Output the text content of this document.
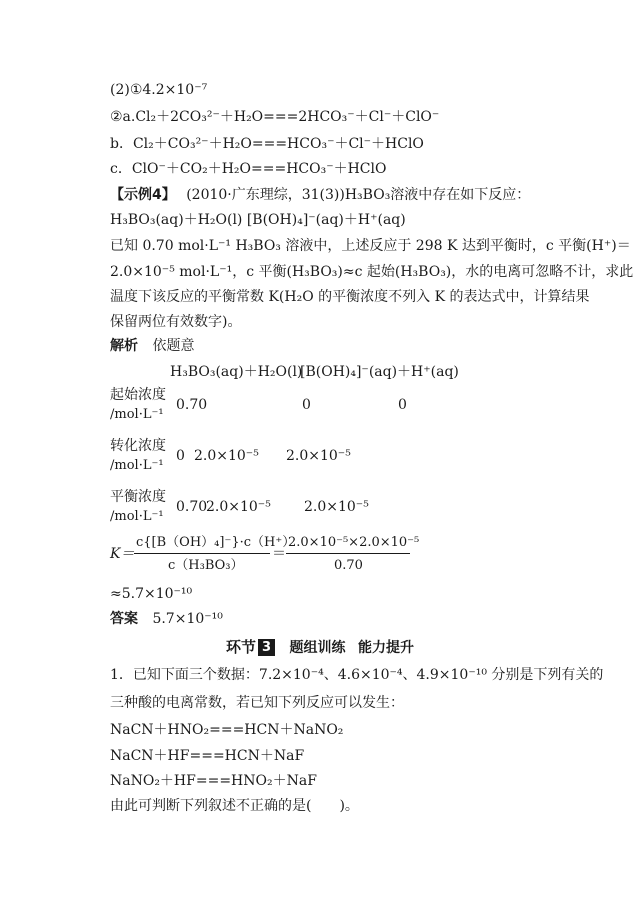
(2)①4.2×10⁻⁷
②a.Cl₂＋2CO₃²⁻＋H₂O===2HCO₃⁻＋Cl⁻＋ClO⁻
b．Cl₂＋CO₃²⁻＋H₂O===HCO₃⁻＋Cl⁻＋HClO
c．ClO⁻＋CO₂＋H₂O===HCO₃⁻＋HClO
【示例4】 (2010·广东理综，31(3))H₃BO₃溶液中存在如下反应：
H₃BO₃(aq)＋H₂O(l) [B(OH)₄]⁻(aq)＋H⁺(aq)
已知 0.70 mol·L⁻¹ H₃BO₃ 溶液中，上述反应于 298 K 达到平衡时，c 平衡(H⁺)＝
2.0×10⁻⁵ mol·L⁻¹，c 平衡(H₃BO₃)≈c 起始(H₃BO₃)，水的电离可忽略不计，求此
温度下该反应的平衡常数 K(H₂O 的平衡浓度不列入 K 的表达式中，计算结果
保留两位有效数字)。
解析 依题意
H₃BO₃(aq)＋H₂O(l)
[B(OH)₄]⁻(aq)＋H⁺(aq)
起始浓度
/mol·L⁻¹
0.70	0	0
转化浓度
/mol·L⁻¹
0 2.0×10⁻⁵ 2.0×10⁻⁵
平衡浓度
/mol·L⁻¹
0.70
2.0×10⁻⁵ 2.0×10⁻⁵
K＝
c{[B（OH）₄]⁻}·c（H⁺）
c（H₃BO₃）
＝
2.0×10⁻⁵×2.0×10⁻⁵
0.70
≈5.7×10⁻¹⁰
答案 5.7×10⁻¹⁰
环节 3 题组训练 能力提升
1．已知下面三个数据：7.2×10⁻⁴、4.6×10⁻⁴、4.9×10⁻¹⁰ 分别是下列有关的
三种酸的电离常数，若已知下列反应可以发生：
NaCN＋HNO₂===HCN＋NaNO₂
NaCN＋HF===HCN＋NaF
NaNO₂＋HF===HNO₂＋NaF
由此可判断下列叙述不正确的是(　　)。
